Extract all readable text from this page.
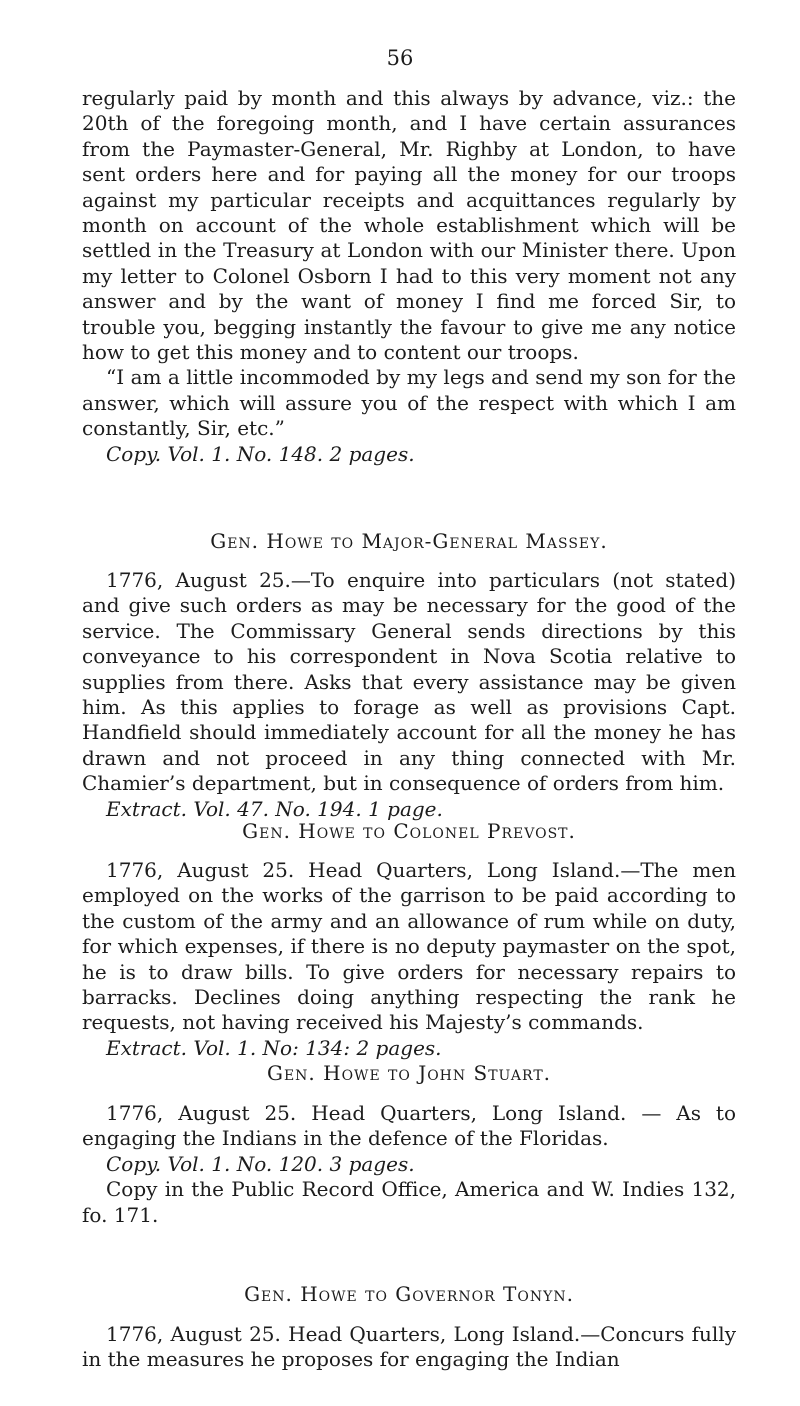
56

regularly paid by month and this always by advance, viz.: the 20th of the foregoing month, and I have certain assurances from the Paymaster-General, Mr. Righby at London, to have sent orders here and for paying all the money for our troops against my particular receipts and acquittances regularly by month on account of the whole establishment which will be settled in the Treasury at London with our Minister there. Upon my letter to Colonel Osborn I had to this very moment not any answer and by the want of money I find me forced Sir, to trouble you, begging instantly the favour to give me any notice how to get this money and to content our troops.

“I am a little incommoded by my legs and send my son for the answer, which will assure you of the respect with which I am constantly, Sir, etc.”

Copy. Vol. 1. No. 148. 2 pages.

Gen. Howe to Major-General Massey.

1776, August 25.—To enquire into particulars (not stated) and give such orders as may be necessary for the good of the service. The Commissary General sends directions by this conveyance to his correspondent in Nova Scotia relative to supplies from there. Asks that every assistance may be given him. As this applies to forage as well as provisions Capt. Handfield should immediately account for all the money he has drawn and not proceed in any thing connected with Mr. Chamier’s department, but in consequence of orders from him.

Extract. Vol. 47. No. 194. 1 page.

Gen. Howe to Colonel Prevost.

1776, August 25. Head Quarters, Long Island.—The men employed on the works of the garrison to be paid according to the custom of the army and an allowance of rum while on duty, for which expenses, if there is no deputy paymaster on the spot, he is to draw bills. To give orders for necessary repairs to barracks. Declines doing anything respecting the rank he requests, not having received his Majesty’s commands.

Extract. Vol. 1. No: 134: 2 pages.

Gen. Howe to John Stuart.

1776, August 25. Head Quarters, Long Island. — As to engaging the Indians in the defence of the Floridas.

Copy. Vol. 1. No. 120. 3 pages.

Copy in the Public Record Office, America and W. Indies 132, fo. 171.

Gen. Howe to Governor Tonyn.

1776, August 25. Head Quarters, Long Island.—Concurs fully in the measures he proposes for engaging the Indian
